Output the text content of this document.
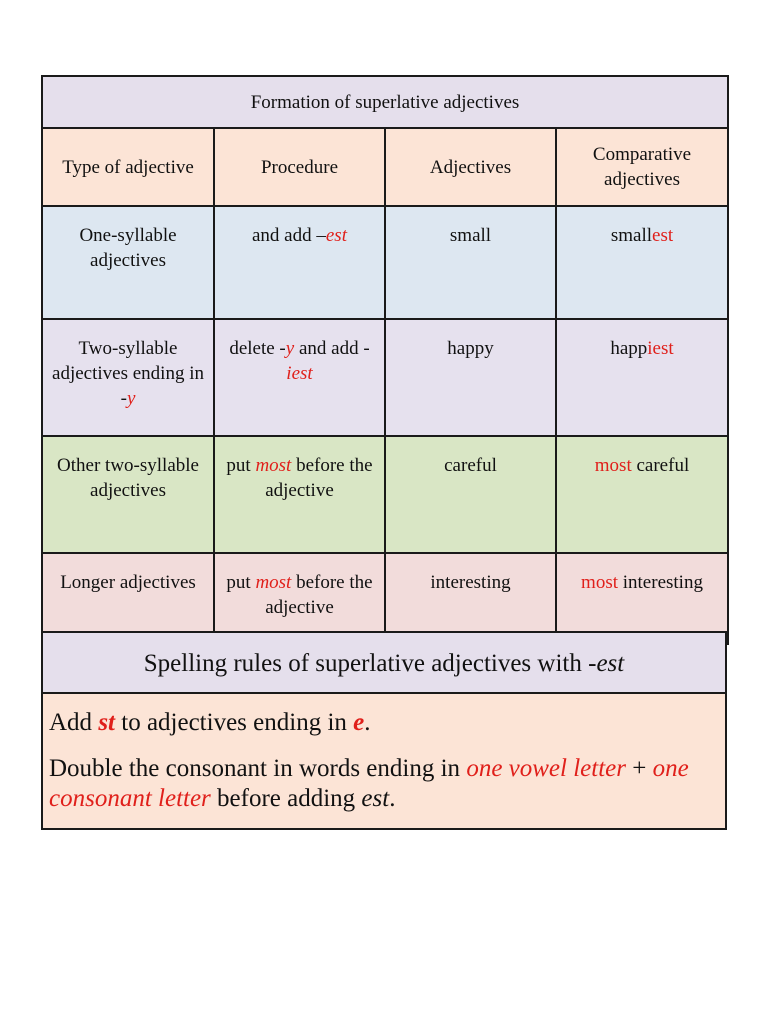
Formation of superlative adjectives			
Type of adjective	Procedure	Adjectives	Comparative adjectives
One-syllable adjectives	and add –est	small	smallest
Two-syllable adjectives ending in -y	delete -y and add -iest	happy	happiest
Other two-syllable adjectives	put most before the adjective	careful	most careful
Longer adjectives	put most before the adjective	interesting	most interesting
Spelling rules of superlative adjectives with -est

Add st to adjectives ending in e.

Double the consonant in words ending in one vowel letter + one consonant letter before adding est.
